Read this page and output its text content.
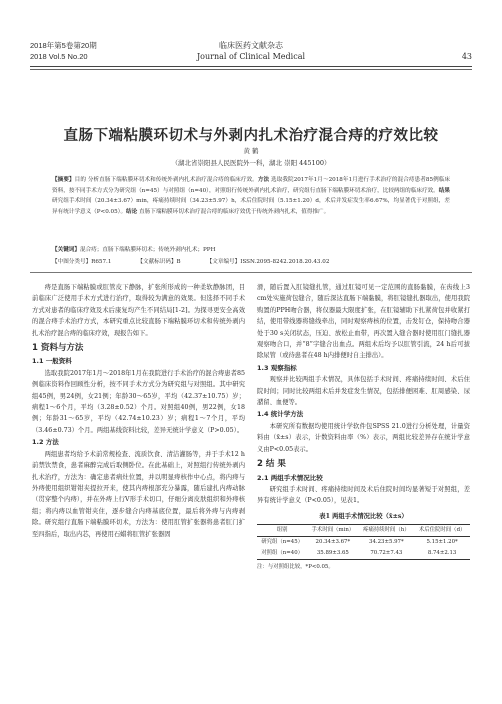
2018年第5卷第20期
2018 Vol.5 No.20
临床医药文献杂志
Journal of Clinical Medical	43
直肠下端粘膜环切术与外剥内扎术治疗混合痔的疗效比较
黄 鹤
（湖北省崇阳县人民医院外一科，湖北 崇阳 445100）
【摘要】目的 分析直肠下端粘膜环切术和传统外剥内扎术治疗混合痔的临床疗效。方法 选取我院2017年1月～2018年1月进行手术治疗的混合痔患者85例临床资料，按不同手术方式分为研究组（n=45）与对照组（n=40），对照组行传统外剥内扎术治疗，研究组行直肠下端粘膜环切术治疗，比较两组的临床疗效。结果 研究组手术时间（20.34±3.67）min，疼痛持续时间（34.23±5.97）h，术后住院时间（5.15±1.20）d，术后并发症发生率6.67%，均显著优于对照组，差异有统计学意义（P<0.05）。结论 直肠下端粘膜环切术治疗混合痔的临床疗效优于传统外剥内扎术，值得推广。
【关键词】混合痔；直肠下端粘膜环切术；传统外剥内扎术；PPH
【中图分类号】R657.1	【文献标识码】B	【文章编号】ISSN.2095-8242.2018.20.43.02

痔是直肠下端粘膜或肛管皮下静脉，扩张所形成的一种柔软静脉团，目前临床广泛使用手术方式进行治疗，取得较为满意的效果。但选择不同手术方式对患者的临床疗效及术后康复均产生不同结局[1-2]。为探寻更安全高效的混合痔手术治疗方式，本研究重点比较直肠下端粘膜环切术和传统外剥内扎术治疗混合痔的临床疗效，现报告如下。

1 资料与方法
1.1 一般资料

选取我院2017年1月～2018年1月在我院进行手术治疗的混合痔患者85例临床资料作回顾性分析，按不同手术方式分为研究组与对照组。其中研究组45例，男24例，女21例；年龄30～65岁，平均（42.37±10.75）岁；病程1～6个月，平均（3.28±0.52）个月。对照组40例，男22例，女18例；年龄31～65岁，平均（42.74±10.23）岁；病程1～7个月，平均（3.46±0.73）个月。两组基线资料比较，差异无统计学意义（P>0.05）。

1.2 方法

两组患者均给予术前常规检查、流质饮食、清洁灌肠等，并于手术12 h前禁饮禁食，患者麻醉完成后取侧卧位。在此基础上，对照组行传统外剥内扎术治疗，方法为：确定患者病灶位置，并以明显痔核作中心点，将内痔与外痔使用组织钳钳夹提拉开来，使其内痔根部充分暴露，随后建扎内痔动脉（贯穿整个内痔），并在外痔上行V形手术切口，仔细分离皮肤组织和外痔核组；将内痔以血管钳夹住，逐步缝合内痔基底位置，最后将外痔与内痔剥除。研究组行直肠下端粘膜环切术，方法为：使用肛管扩张器将患者肛门扩至四指后，取出内芯，再使用石蜡将肛管扩张器固

滑，随后置入肛镜缝扎管，通过肛镜可见一定范围的直肠黏膜，在齿线上3 cm处实施荷包缝合，随后深达直肠下端黏膜，将肛镜缝扎器取出，使用我院购置的PPH吻合器，将仅器最大限度扩张，在肛镜辅助下扎紧荷包并收紧打结，使用带线器将缝线牵出，同时观察痔核的位置，击发钉仓，保持吻合器处于30 s关闭状态，压迫、放松止血带，再次置入缝合器时使用肛门缝扎器观察吻合口，并“8”字缝合出血点。两组术后均予以肛管引流，24 h后可拔除尿管（或待患者在48 h内排便时自主排出）。

1.3 观察指标

观察并比较两组手术情况，具体包括手术时间、疼痛持续时间、术后住院时间；同时比较两组术后并发症发生情况，包括排便困难、肛周感染、尿潴留、血便等。

1.4 统计学方法

本研究所有数据均使用统计学软件包SPSS 21.0进行分析处理，计量资料由（x̄±s）表示，计数资料由率（%）表示，两组比较差异存在统计学意义由P<0.05表示。

2 结 果
2.1 两组手术情况比较

研究组手术时间、疼痛持续时间及术后住院时间均显著短于对照组，差异有统计学意义（P<0.05），见表1。

表1 两组手术情况比较（x̄±s）
组别	手术时间（min）	疼痛持续时间（h）	术后住院时间（d）
研究组（n=45）	20.34±3.67*	34.23±5.97*	5.15±1.20*
对照组（n=40）	35.89±3.65	70.72±7.43	8.74±2.13
注：与对照组比较，*P<0.05。
